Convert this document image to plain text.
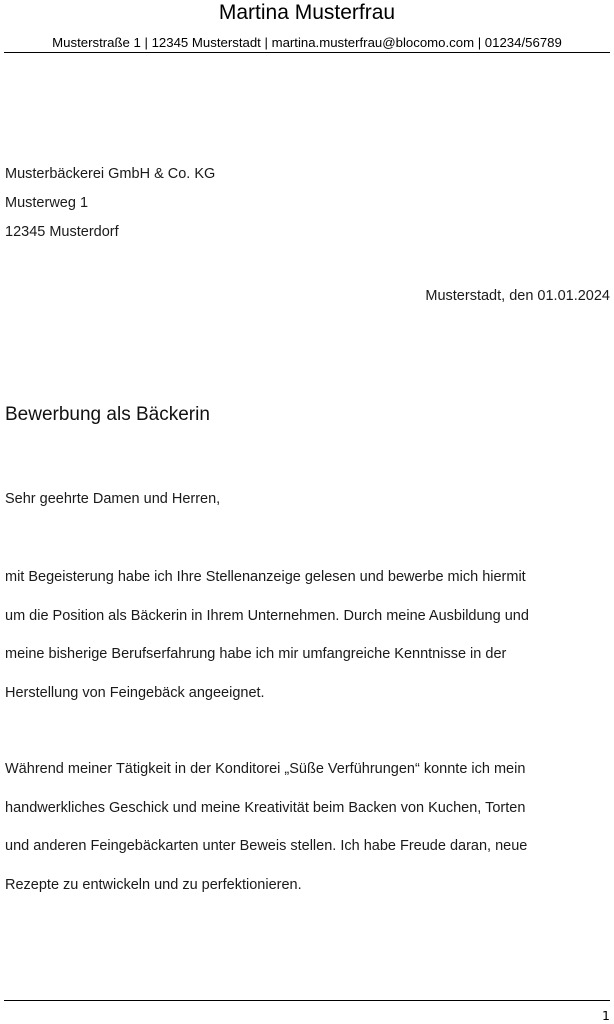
Martina Musterfrau
Musterstraße 1 | 12345 Musterstadt | martina.musterfrau@blocomo.com | 01234/56789
Musterbäckerei GmbH & Co. KG
Musterweg 1
12345 Musterdorf
Musterstadt, den 01.01.2024
Bewerbung als Bäckerin
Sehr geehrte Damen und Herren,
mit Begeisterung habe ich Ihre Stellenanzeige gelesen und bewerbe mich hiermit
um die Position als Bäckerin in Ihrem Unternehmen. Durch meine Ausbildung und
meine bisherige Berufserfahrung habe ich mir umfangreiche Kenntnisse in der
Herstellung von Feingebäck angeeignet.
Während meiner Tätigkeit in der Konditorei „Süße Verführungen“ konnte ich mein
handwerkliches Geschick und meine Kreativität beim Backen von Kuchen, Torten
und anderen Feingebäckarten unter Beweis stellen. Ich habe Freude daran, neue
Rezepte zu entwickeln und zu perfektionieren.
1
